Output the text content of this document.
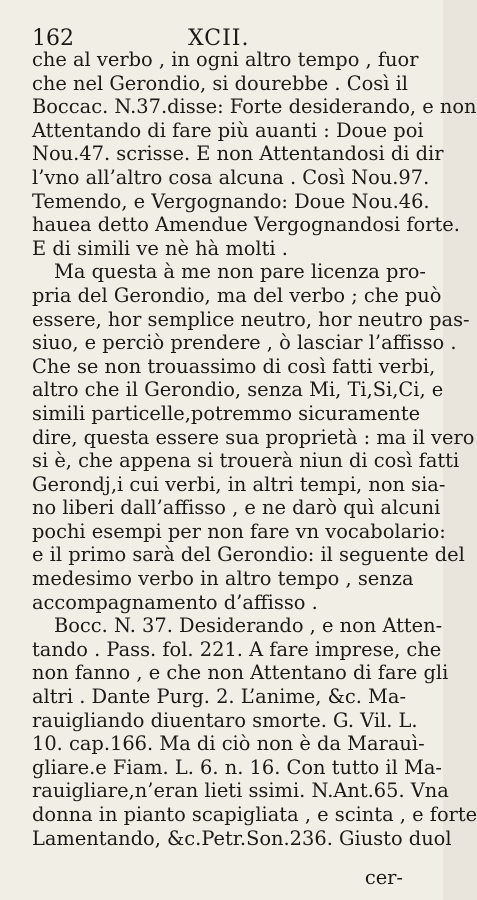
162	XCII.
che al verbo , in ogni altro tempo , fuor
che nel Gerondio, si dourebbe . Così il
Boccac. N.37.disse: Forte desiderando, e non
Attentando di fare più auanti : Doue poi
Nou.47. scrisse. E non Attentandosi di dir
l’vno all’altro cosa alcuna . Così Nou.97.
Temendo, e Vergognando: Doue Nou.46.
hauea detto Amendue Vergognandosi forte.
E di simili ve nè hà molti .
Ma questa à me non pare licenza pro-
pria del Gerondio, ma del verbo ; che può
essere, hor semplice neutro, hor neutro pas-
siuo, e perciò prendere , ò lasciar l’affisso .
Che se non trouassimo di così fatti verbi,
altro che il Gerondio, senza Mi, Ti,Si,Ci, e
simili particelle,potremmo sicuramente
dire, questa essere sua proprietà : ma il vero
si è, che appena si trouerà niun di così fatti
Gerondj,i cui verbi, in altri tempi, non sia-
no liberi dall’affisso , e ne darò quì alcuni
pochi esempi per non fare vn vocabolario:
e il primo sarà del Gerondio: il seguente del
medesimo verbo in altro tempo , senza
accompagnamento d’affisso .
Bocc. N. 37. Desiderando , e non Atten-
tando . Pass. fol. 221. A fare imprese, che
non fanno , e che non Attentano di fare gli
altri . Dante Purg. 2. L’anime, &c. Ma-
rauigliando diuentaro smorte. G. Vil. L.
10. cap.166. Ma di ciò non è da Marauì-
gliare.e Fiam. L. 6. n. 16. Con tutto il Ma-
rauigliare,n’eran lieti ssimi. N.Ant.65. Vna
donna in pianto scapigliata , e scinta , e forte
Lamentando, &c.Petr.Son.236. Giusto duol
cer-
